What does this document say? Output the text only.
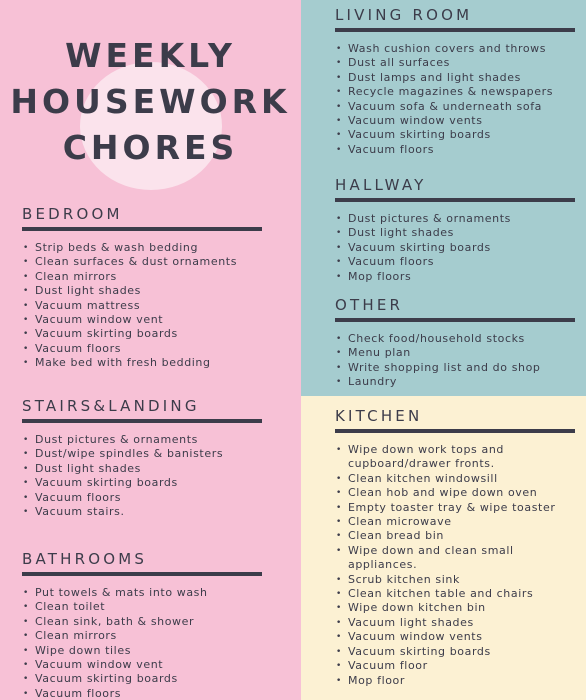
WEEKLY
HOUSEWORK
CHORES
BEDROOM
• Strip beds & wash bedding
• Clean surfaces & dust ornaments
• Clean mirrors
• Dust light shades
• Vacuum mattress
• Vacuum window vent
• Vacuum skirting boards
• Vacuum floors
• Make bed with fresh bedding
STAIRS&LANDING
• Dust pictures & ornaments
• Dust/wipe spindles & banisters
• Dust light shades
• Vacuum skirting boards
• Vacuum floors
• Vacuum stairs.
BATHROOMS
• Put towels & mats into wash
• Clean toilet
• Clean sink, bath & shower
• Clean mirrors
• Wipe down tiles
• Vacuum window vent
• Vacuum skirting boards
• Vacuum floors
LIVING ROOM
• Wash cushion covers and throws
• Dust all surfaces
• Dust lamps and light shades
• Recycle magazines & newspapers
• Vacuum sofa & underneath sofa
• Vacuum window vents
• Vacuum skirting boards
• Vacuum floors
HALLWAY
• Dust pictures & ornaments
• Dust light shades
• Vacuum skirting boards
• Vacuum floors
• Mop floors
OTHER
• Check food/household stocks
• Menu plan
• Write shopping list and do shop
• Laundry
KITCHEN
• Wipe down work tops and cupboard/drawer fronts.
• Clean kitchen windowsill
• Clean hob and wipe down oven
• Empty toaster tray & wipe toaster
• Clean microwave
• Clean bread bin
• Wipe down and clean small appliances.
• Scrub kitchen sink
• Clean kitchen table and chairs
• Wipe down kitchen bin
• Vacuum light shades
• Vacuum window vents
• Vacuum skirting boards
• Vacuum floor
• Mop floor
